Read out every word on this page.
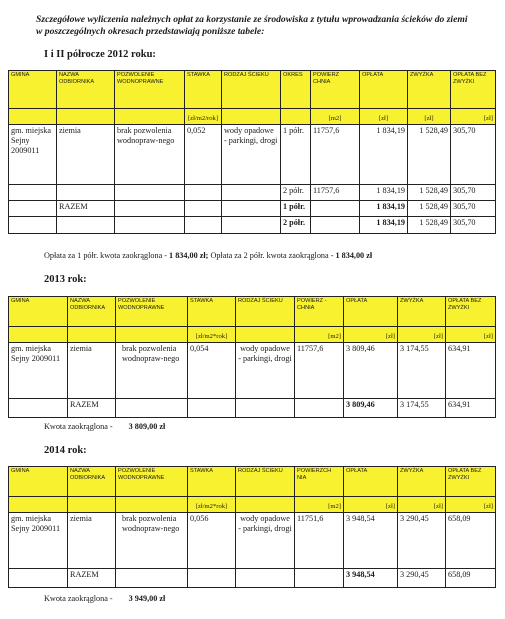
Szczegółowe wyliczenia należnych opłat za korzystanie ze środowiska z tytułu wprowadzania ścieków do ziemi w poszczególnych okresach przedstawiają poniższe tabele:
I i II półrocze 2012 roku:
GMINA	NAZWA ODBIORNIKA	POZWOLENIE WODNOPRAWNE	STAWKA	RODZAJ ŚCIEKU	OKRES	POWIERZ CHNIA	OPŁATA	ZWYŻKA	OPŁATA BEZ ZWYŻKI
			[zł/m2/rok]			[m2]	[zł]	[zł]	[zł]
gm. miejska Sejny 2009011	ziemia	brak pozwolenia wodnopraw-nego	0,052	wody opadowe - parkingi, drogi	1 półr.	11757,6	1 834,19	1 528,49	305,70
					2 półr.	11757,6	1 834,19	1 528,49	305,70
	RAZEM				1 półr.		1 834,19	1 528,49	305,70
					2 półr.		1 834,19	1 528,49	305,70
Opłata za 1 półr. kwota zaokrąglona - 1 834,00 zł; Opłata za 2 półr. kwota zaokrąglona - 1 834,00 zł
2013 rok:
GMINA	NAZWA ODBIORNIKA	POZWOLENIE WODNOPRAWNE	STAWKA	RODZAJ ŚCIEKU	POWIERZ - CHNIA	OPŁATA	ZWYŻKA	OPŁATA BEZ ZWYŻKI
			[zł/m2*rok]		[m2]	[zł]	[zł]	[zł]
gm. miejska Sejny 2009011	ziemia	brak pozwolenia wodnopraw-nego	0,054	wody opadowe - parkingi, drogi	11757,6	3 809,46	3 174,55	634,91
	RAZEM					3 809,46	3 174,55	634,91
Kwota zaokrąglona - 3 809,00 zł
2014 rok:
GMINA	NAZWA ODBIORNIKA	POZWOLENIE WODNOPRAWNE	STAWKA	RODZAJ ŚCIEKU	POWIERZCH NIA	OPŁATA	ZWYŻKA	OPŁATA BEZ ZWYŻKI
			[zł/m2*rok]		[m2]	[zł]	[zł]	[zł]
gm. miejska Sejny 2009011	ziemia	brak pozwolenia wodnopraw-nego	0,056	wody opadowe - parkingi, drogi	11751,6	3 948,54	3 290,45	658,09
	RAZEM					3 948,54	3 290,45	658,09
Kwota zaokrąglona - 3 949,00 zł
